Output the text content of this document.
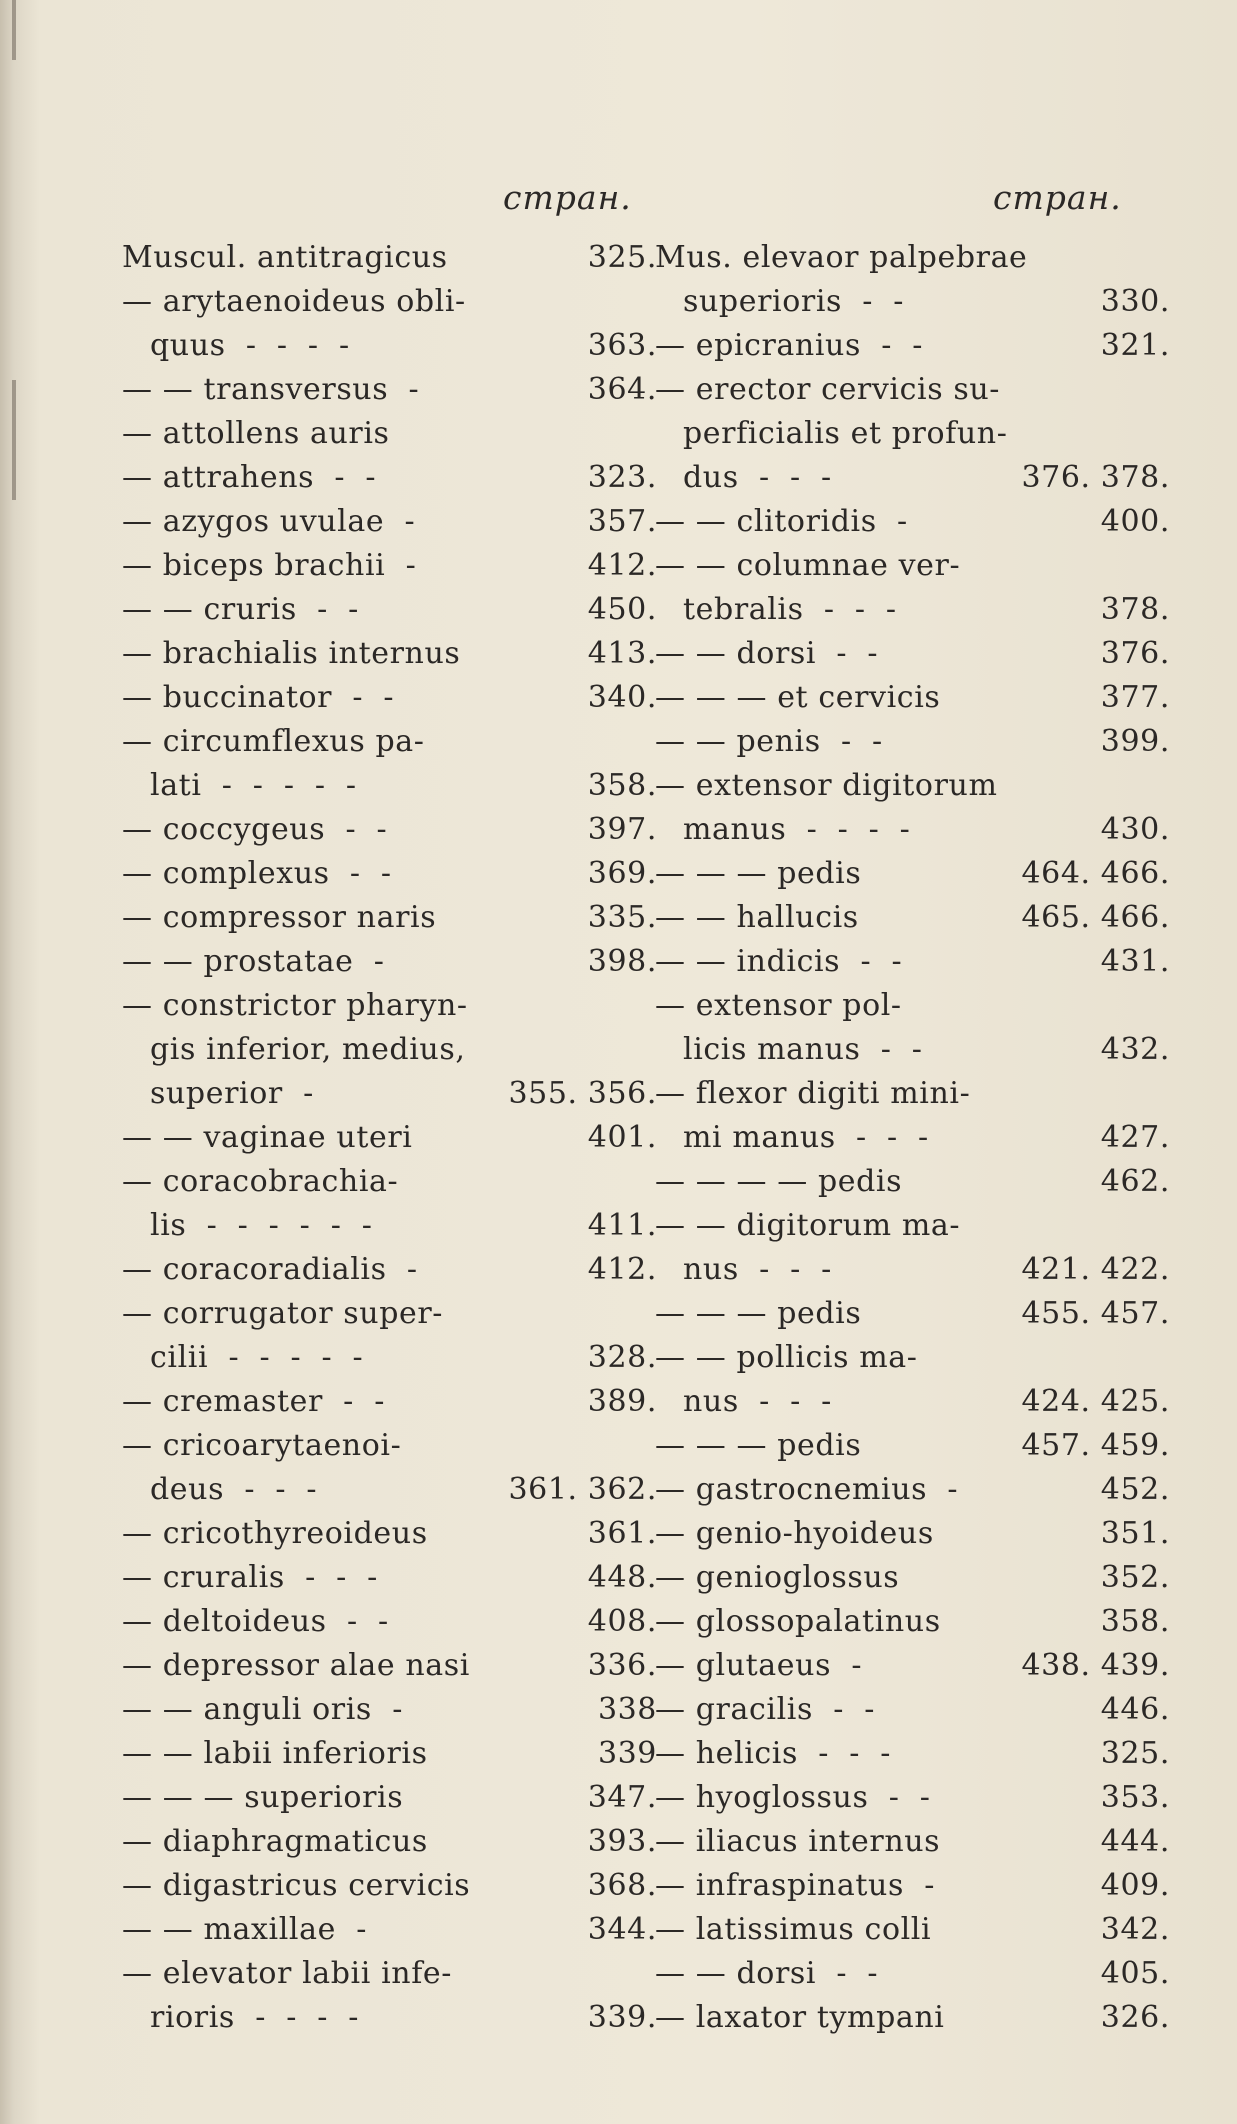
стран.	стран.
Muscul. antitragicus	325.
— arytaenoideus obli-
quus  -  -  -  -	363.
— — transversus  -	364.
— attollens auris
— attrahens  -  -	323.
— azygos uvulae  -	357.
— biceps brachii  -	412.
— — cruris  -  -	450.
— brachialis internus	413.
— buccinator  -  -	340.
— circumflexus pa-
lati  -  -  -  -  -	358.
— coccygeus  -  -	397.
— complexus  -  -	369.
— compressor naris	335.
— — prostatae  -	398.
— constrictor pharyn-
gis inferior, medius,
superior  -	355. 356.
— — vaginae uteri	401.
— coracobrachia-
lis  -  -  -  -  -  -	411.
— coracoradialis  -	412.
— corrugator super-
cilii  -  -  -  -  -	328.
— cremaster  -  -	389.
— cricoarytaenoi-
deus  -  -  -	361. 362.
— cricothyreoideus	361.
— cruralis  -  -  -	448.
— deltoideus  -  -	408.
— depressor alae nasi	336.
— — anguli oris  -	338
— — labii inferioris	339
— — — superioris	347.
— diaphragmaticus	393.
— digastricus cervicis	368.
— — maxillae  -	344.
— elevator labii infe-
rioris  -  -  -  -	339.
Mus. elevaor palpebrae
superioris  -  -	330.
— epicranius  -  -	321.
— erector cervicis su-
perficialis et profun-
dus  -  -  -	376. 378.
— — clitoridis  -	400.
— — columnae ver-
tebralis  -  -  -	378.
— — dorsi  -  -	376.
— — — et cervicis	377.
— — penis  -  -	399.
— extensor digitorum
manus  -  -  -  -	430.
— — — pedis	464. 466.
— — hallucis	465. 466.
— — indicis  -  -	431.
— extensor pol-
licis manus  -  -	432.
— flexor digiti mini-
mi manus  -  -  -	427.
— — — — pedis	462.
— — digitorum ma-
nus  -  -  -	421. 422.
— — — pedis	455. 457.
— — pollicis ma-
nus  -  -  -	424. 425.
— — — pedis	457. 459.
— gastrocnemius  -	452.
— genio-hyoideus	351.
— genioglossus	352.
— glossopalatinus	358.
— glutaeus  -	438. 439.
— gracilis  -  -	446.
— helicis  -  -  -	325.
— hyoglossus  -  -	353.
— iliacus internus	444.
— infraspinatus  -	409.
— latissimus colli	342.
— — dorsi  -  -	405.
— laxator tympani	326.
